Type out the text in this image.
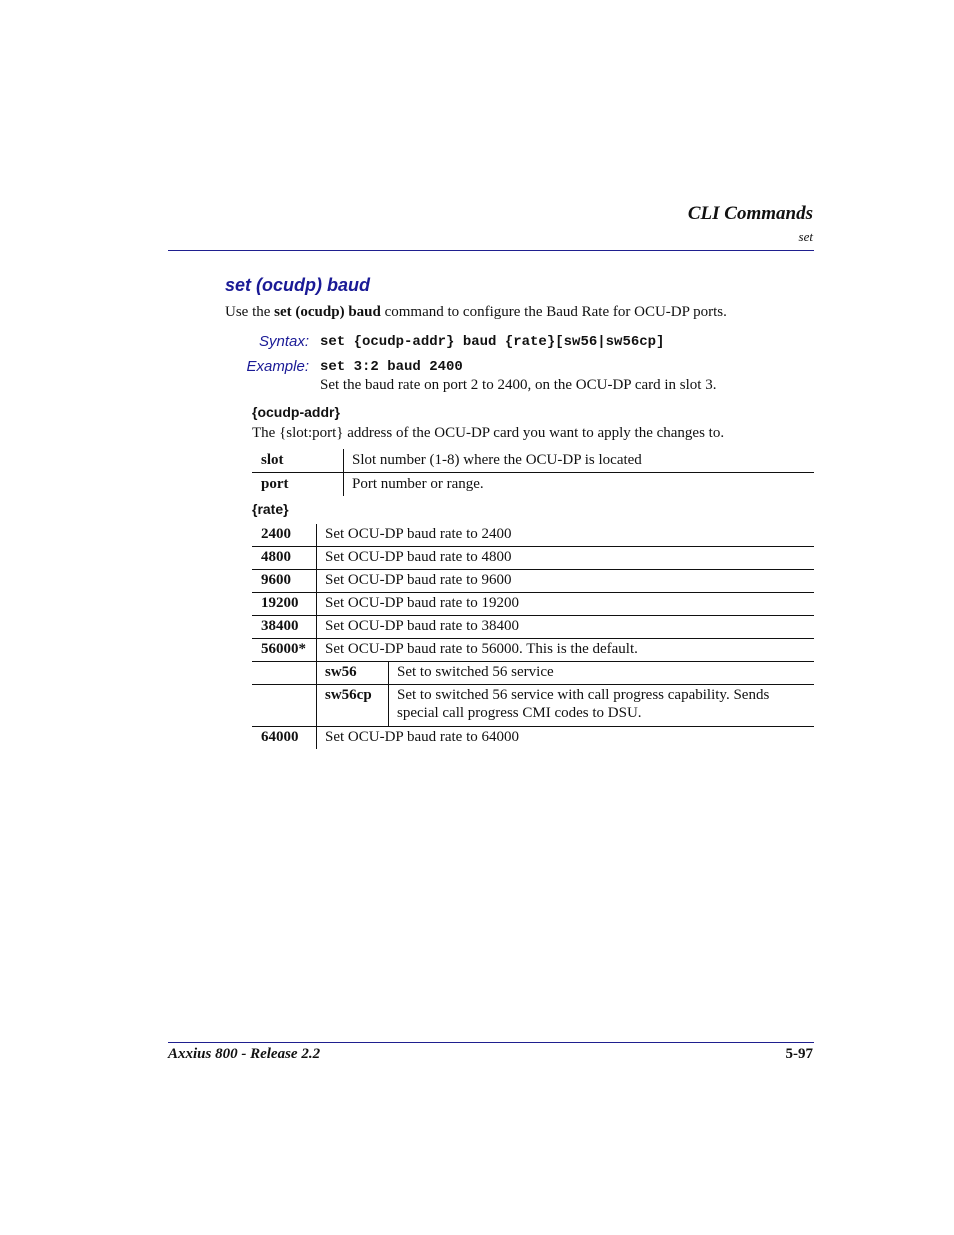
CLI Commands
set
set (ocudp) baud
Use the set (ocudp) baud command to configure the Baud Rate for OCU-DP ports.
Syntax: set {ocudp-addr} baud {rate}[sw56|sw56cp]
Example: set 3:2 baud 2400
Set the baud rate on port 2 to 2400, on the OCU-DP card in slot 3.
{ocudp-addr}
The {slot:port} address of the OCU-DP card you want to apply the changes to.
slot	Slot number (1-8) where the OCU-DP is located
port	Port number or range.
{rate}
2400	Set OCU-DP baud rate to 2400	
4800	Set OCU-DP baud rate to 4800	
9600	Set OCU-DP baud rate to 9600	
19200	Set OCU-DP baud rate to 19200	
38400	Set OCU-DP baud rate to 38400	
56000*	Set OCU-DP baud rate to 56000. This is the default.	
	sw56	Set to switched 56 service
	sw56cp	Set to switched 56 service with call progress capability. Sends special call progress CMI codes to DSU.
64000	Set OCU-DP baud rate to 64000	
Axxius 800 - Release 2.2	5-97
